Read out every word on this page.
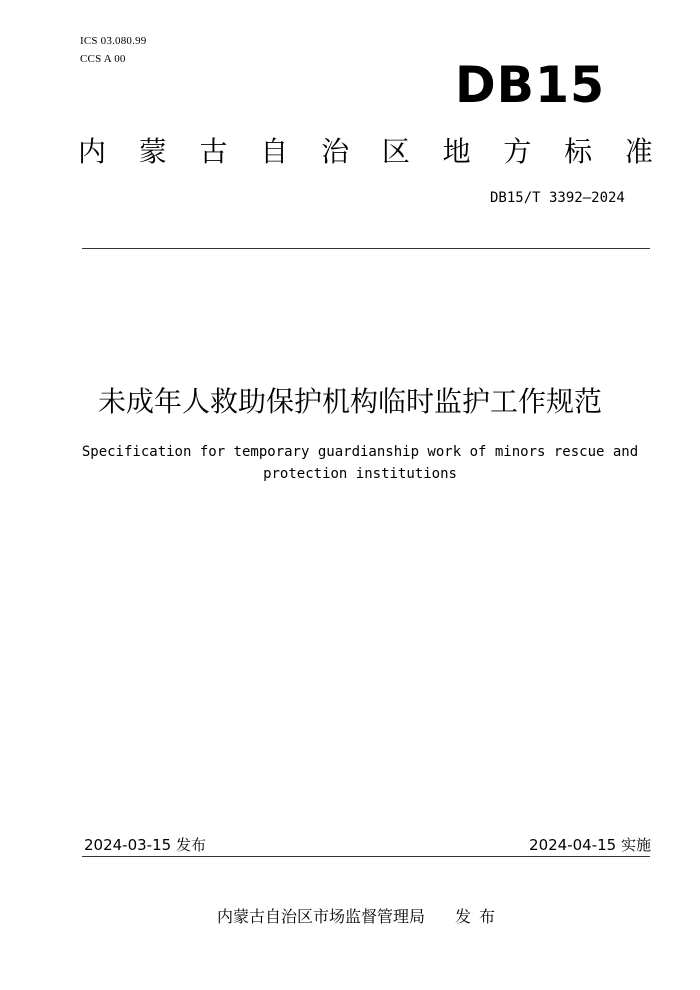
ICS 03.080.99
CCS A 00	DB15
内 蒙 古 自 治 区 地 方 标 准
DB15/T 3392—2024
未成年人救助保护机构临时监护工作规范
Specification for temporary guardianship work of minors rescue and
protection institutions
2024-03-15 发布	2024-04-15 实施
内蒙古自治区市场监督管理局 发布
